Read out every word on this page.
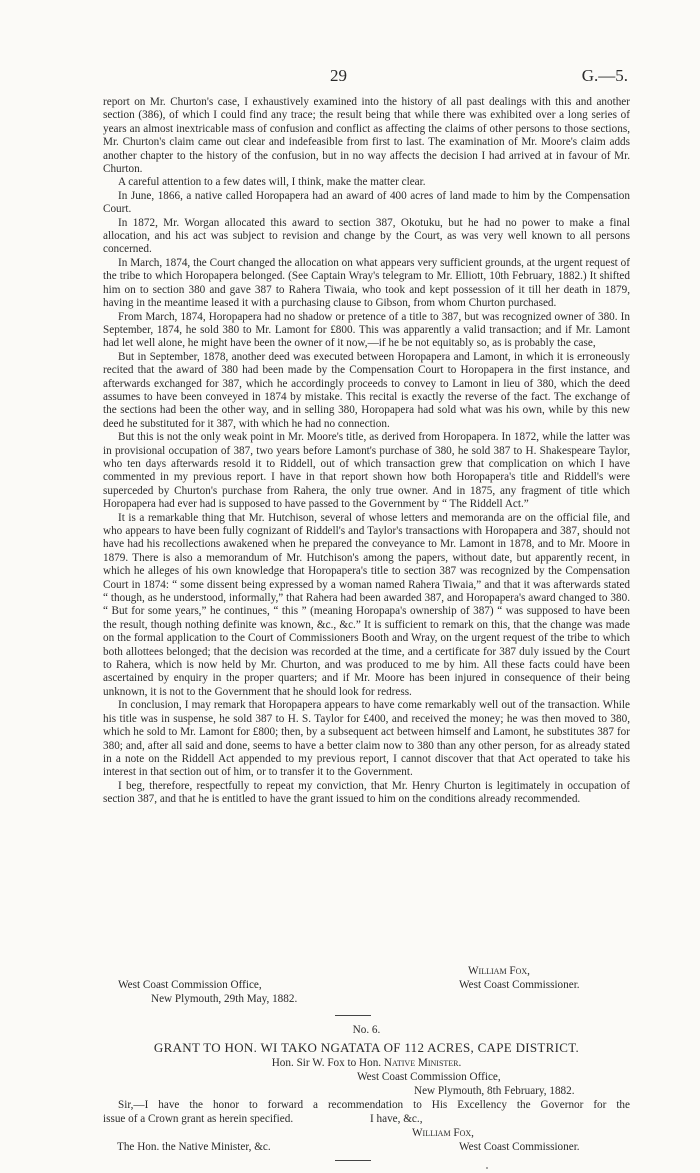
29	G.—5.

report on Mr. Churton's case, I exhaustively examined into the history of all past dealings with this and another section (386), of which I could find any trace; the result being that while there was exhibited over a long series of years an almost inextricable mass of confusion and conflict as affecting the claims of other persons to those sections, Mr. Churton's claim came out clear and indefeasible from first to last. The examination of Mr. Moore's claim adds another chapter to the history of the confusion, but in no way affects the decision I had arrived at in favour of Mr. Churton.

A careful attention to a few dates will, I think, make the matter clear.

In June, 1866, a native called Horopapera had an award of 400 acres of land made to him by the Compensation Court.

In 1872, Mr. Worgan allocated this award to section 387, Okotuku, but he had no power to make a final allocation, and his act was subject to revision and change by the Court, as was very well known to all persons concerned.

In March, 1874, the Court changed the allocation on what appears very sufficient grounds, at the urgent request of the tribe to which Horopapera belonged. (See Captain Wray's telegram to Mr. Elliott, 10th February, 1882.) It shifted him on to section 380 and gave 387 to Rahera Tiwaia, who took and kept possession of it till her death in 1879, having in the meantime leased it with a purchasing clause to Gibson, from whom Churton purchased.

From March, 1874, Horopapera had no shadow or pretence of a title to 387, but was recognized owner of 380. In September, 1874, he sold 380 to Mr. Lamont for £800. This was apparently a valid transaction; and if Mr. Lamont had let well alone, he might have been the owner of it now,—if he be not equitably so, as is probably the case,

But in September, 1878, another deed was executed between Horopapera and Lamont, in which it is erroneously recited that the award of 380 had been made by the Compensation Court to Horopapera in the first instance, and afterwards exchanged for 387, which he accordingly proceeds to convey to Lamont in lieu of 380, which the deed assumes to have been conveyed in 1874 by mistake. This recital is exactly the reverse of the fact. The exchange of the sections had been the other way, and in selling 380, Horopapera had sold what was his own, while by this new deed he substituted for it 387, with which he had no connection.

But this is not the only weak point in Mr. Moore's title, as derived from Horopapera. In 1872, while the latter was in provisional occupation of 387, two years before Lamont's purchase of 380, he sold 387 to H. Shakespeare Taylor, who ten days afterwards resold it to Riddell, out of which transaction grew that complication on which I have commented in my previous report. I have in that report shown how both Horopapera's title and Riddell's were superceded by Churton's purchase from Rahera, the only true owner. And in 1875, any fragment of title which Horopapera had ever had is supposed to have passed to the Government by “ The Riddell Act.”

It is a remarkable thing that Mr. Hutchison, several of whose letters and memoranda are on the official file, and who appears to have been fully cognizant of Riddell's and Taylor's transactions with Horopapera and 387, should not have had his recollections awakened when he prepared the conveyance to Mr. Lamont in 1878, and to Mr. Moore in 1879. There is also a memorandum of Mr. Hutchison's among the papers, without date, but apparently recent, in which he alleges of his own knowledge that Horopapera's title to section 387 was recognized by the Compensation Court in 1874: “ some dissent being expressed by a woman named Rahera Tiwaia,” and that it was afterwards stated “ though, as he understood, informally,” that Rahera had been awarded 387, and Horopapera's award changed to 380. “ But for some years,” he continues, “ this ” (meaning Horopapa's ownership of 387) “ was supposed to have been the result, though nothing definite was known, &c., &c.” It is sufficient to remark on this, that the change was made on the formal application to the Court of Commissioners Booth and Wray, on the urgent request of the tribe to which both allottees belonged; that the decision was recorded at the time, and a certificate for 387 duly issued by the Court to Rahera, which is now held by Mr. Churton, and was produced to me by him. All these facts could have been ascertained by enquiry in the proper quarters; and if Mr. Moore has been injured in consequence of their being unknown, it is not to the Government that he should look for redress.

In conclusion, I may remark that Horopapera appears to have come remarkably well out of the transaction. While his title was in suspense, he sold 387 to H. S. Taylor for £400, and received the money; he was then moved to 380, which he sold to Mr. Lamont for £800; then, by a subsequent act between himself and Lamont, he substitutes 387 for 380; and, after all said and done, seems to have a better claim now to 380 than any other person, for as already stated in a note on the Riddell Act appended to my previous report, I cannot discover that that Act operated to take his interest in that section out of him, or to transfer it to the Government.

I beg, therefore, respectfully to repeat my conviction, that Mr. Henry Churton is legitimately in occupation of section 387, and that he is entitled to have the grant issued to him on the conditions already recommended.

William Fox,
West Coast Commission Office,	West Coast Commissioner.
New Plymouth, 29th May, 1882.
No. 6.
GRANT TO HON. WI TAKO NGATATA OF 112 ACRES, CAPE DISTRICT.
Hon. Sir W. Fox to Hon. Native Minister.
West Coast Commission Office,
New Plymouth, 8th February, 1882.
Sir,—I have the honor to forward a recommendation to His Excellency the Governor for the
issue of a Crown grant as herein specified.	I have, &c.,
William Fox,
The Hon. the Native Minister, &c.	West Coast Commissioner.
